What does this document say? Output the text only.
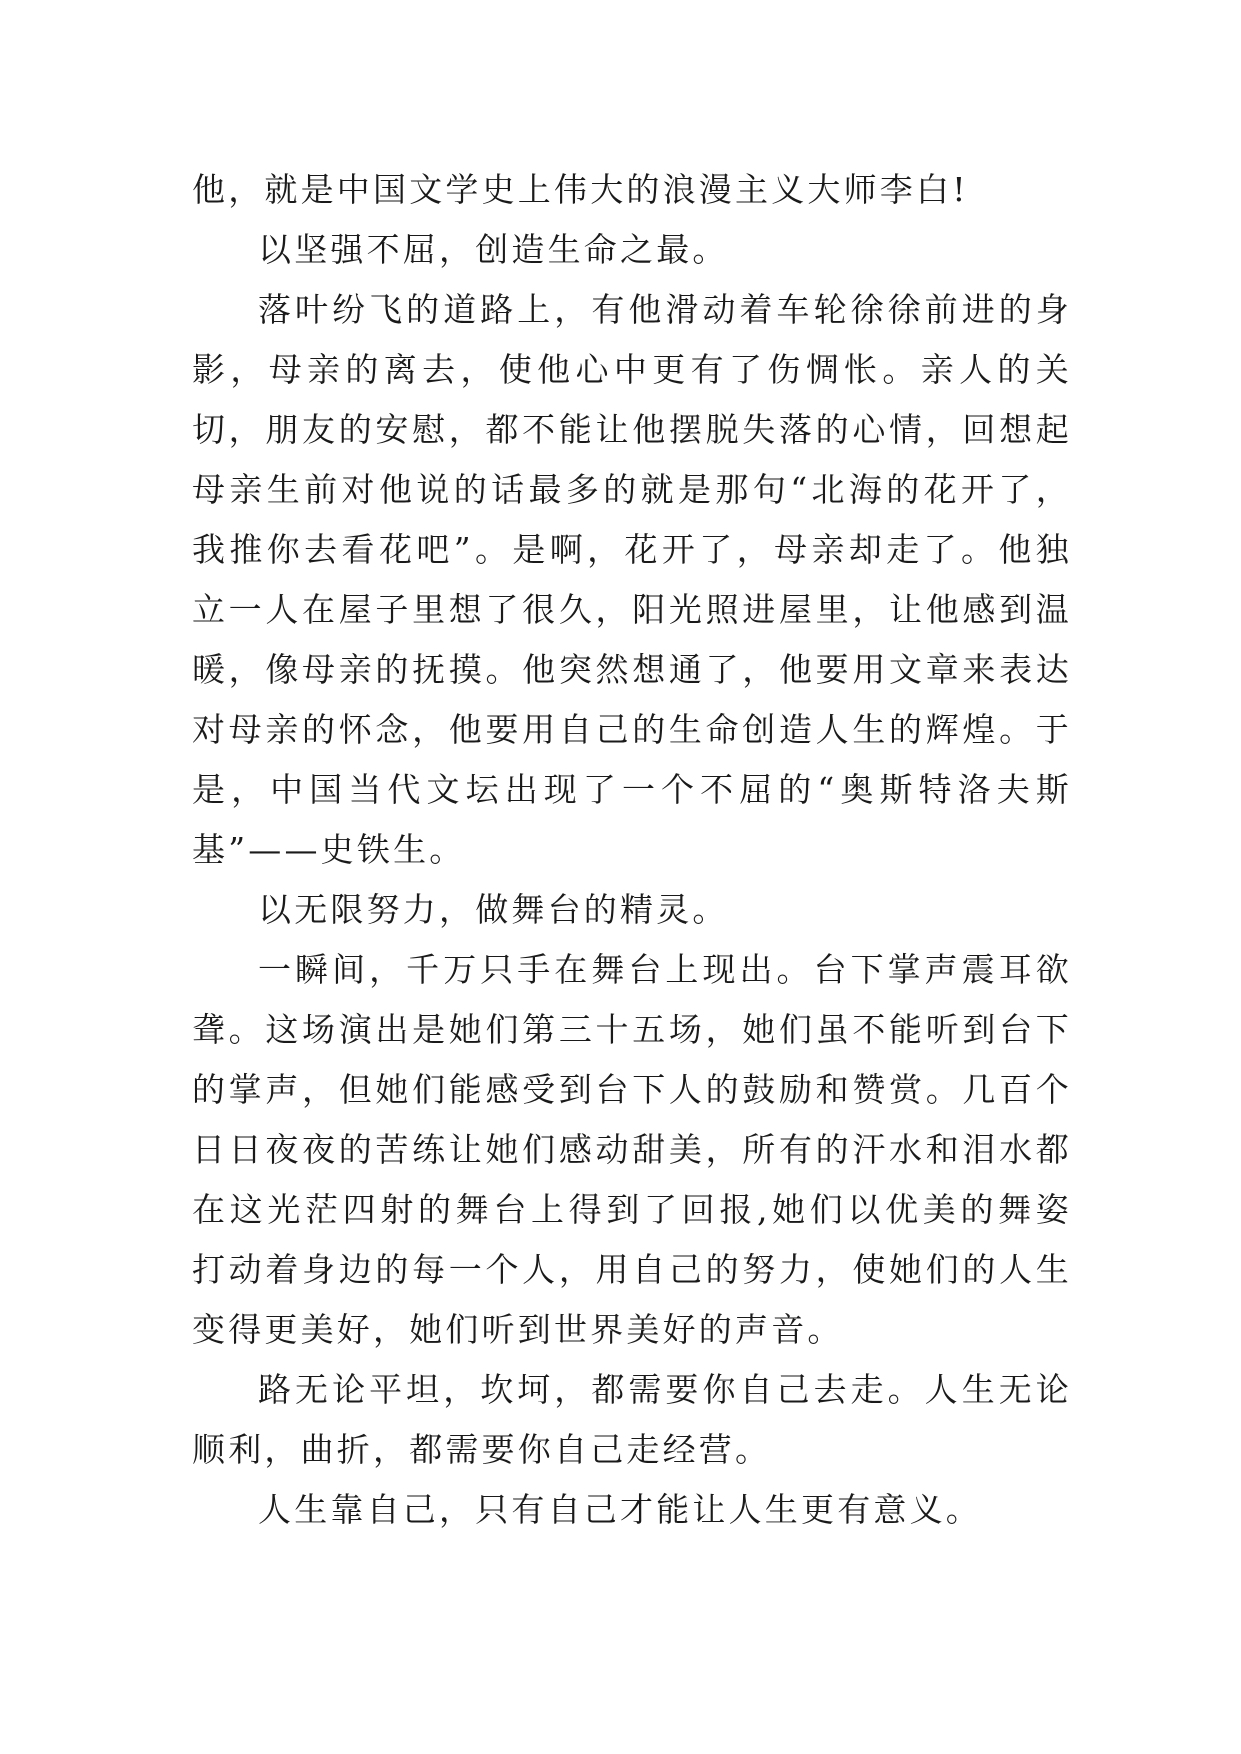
他，就是中国文学史上伟大的浪漫主义大师李白!

以坚强不屈，创造生命之最。

落叶纷飞的道路上，有他滑动着车轮徐徐前进的身影，母亲的离去，使他心中更有了伤惆怅。亲人的关切，朋友的安慰，都不能让他摆脱失落的心情，回想起母亲生前对他说的话最多的就是那句“北海的花开了，我推你去看花吧”。是啊，花开了，母亲却走了。他独立一人在屋子里想了很久，阳光照进屋里，让他感到温暖，像母亲的抚摸。他突然想通了，他要用文章来表达对母亲的怀念，他要用自己的生命创造人生的辉煌。于是，中国当代文坛出现了一个不屈的“奥斯特洛夫斯基”——史铁生。

以无限努力，做舞台的精灵。

一瞬间，千万只手在舞台上现出。台下掌声震耳欲聋。这场演出是她们第三十五场，她们虽不能听到台下的掌声，但她们能感受到台下人的鼓励和赞赏。几百个日日夜夜的苦练让她们感动甜美，所有的汗水和泪水都在这光茫四射的舞台上得到了回报,她们以优美的舞姿打动着身边的每一个人，用自己的努力，使她们的人生变得更美好，她们听到世界美好的声音。

路无论平坦，坎坷，都需要你自己去走。人生无论顺利，曲折，都需要你自己走经营。

人生靠自己，只有自己才能让人生更有意义。
